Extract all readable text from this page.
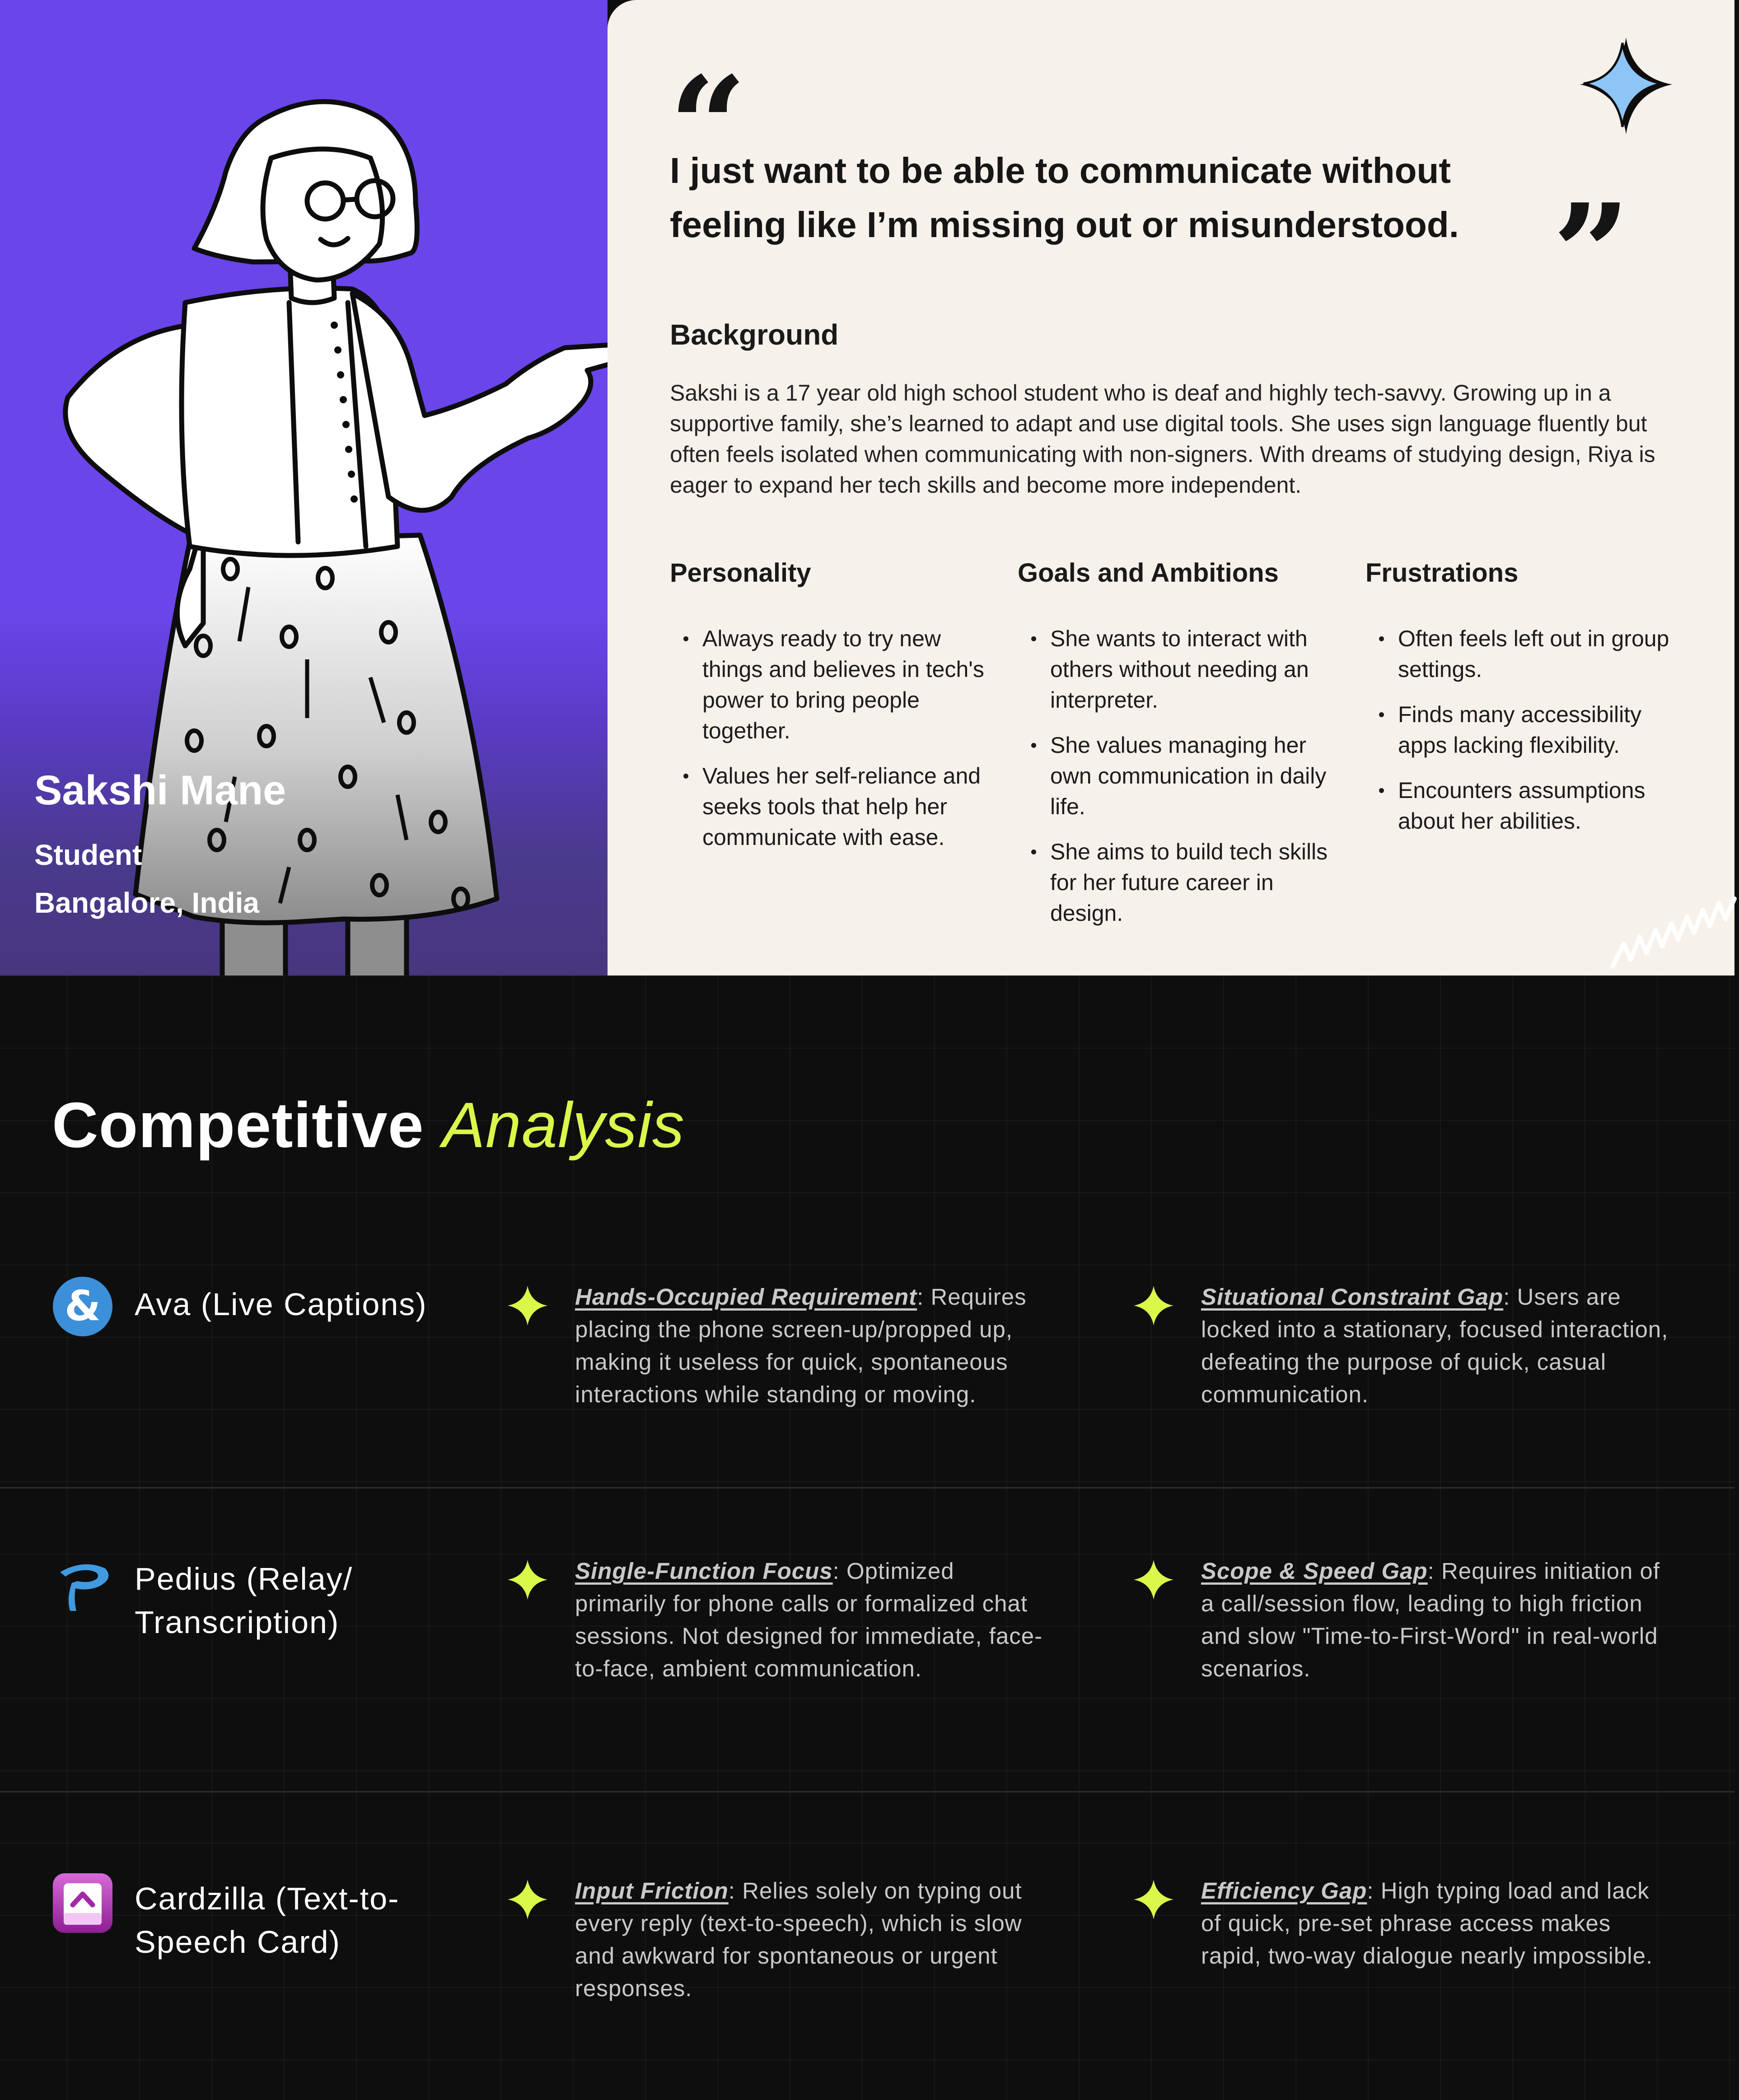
Sakshi Mane

Student

Bangalore, India

“

I just want to be able to communicate without feeling like I’m missing out or misunderstood. ”
Background

Sakshi is a 17 year old high school student who is deaf and highly tech-savvy. Growing up in a supportive family, she’s learned to adapt and use digital tools. She uses sign language fluently but often feels isolated when communicating with non-signers. With dreams of studying design, Riya is eager to expand her tech skills and become more independent.

Personality
Always ready to try new things and believes in tech's power to bring people together.
Values her self-reliance and seeks tools that help her communicate with ease.
Goals and Ambitions
She wants to interact with others without needing an interpreter.
She values managing her own communication in daily life.
She aims to build tech skills for her future career in design.
Frustrations
Often feels left out in group settings.
Finds many accessibility apps lacking flexibility.
Encounters assumptions about her abilities.
Competitive Analysis
& Ava (Live Captions)	Hands-Occupied Requirement: Requires placing the phone screen-up/propped up, making it useless for quick, spontaneous interactions while standing or moving.

Situational Constraint Gap: Users are locked into a stationary, focused interaction, defeating the purpose of quick, casual communication.

Pedius (Relay/ Transcription)

Single-Function Focus: Optimized primarily for phone calls or formalized chat sessions. Not designed for immediate, face-to-face, ambient communication.

Scope & Speed Gap: Requires initiation of a call/session flow, leading to high friction and slow "Time-to-First-Word" in real-world scenarios.

Cardzilla (Text-to-Speech Card)

Input Friction: Relies solely on typing out every reply (text-to-speech), which is slow and awkward for spontaneous or urgent responses.

Efficiency Gap: High typing load and lack of quick, pre-set phrase access makes rapid, two-way dialogue nearly impossible.
